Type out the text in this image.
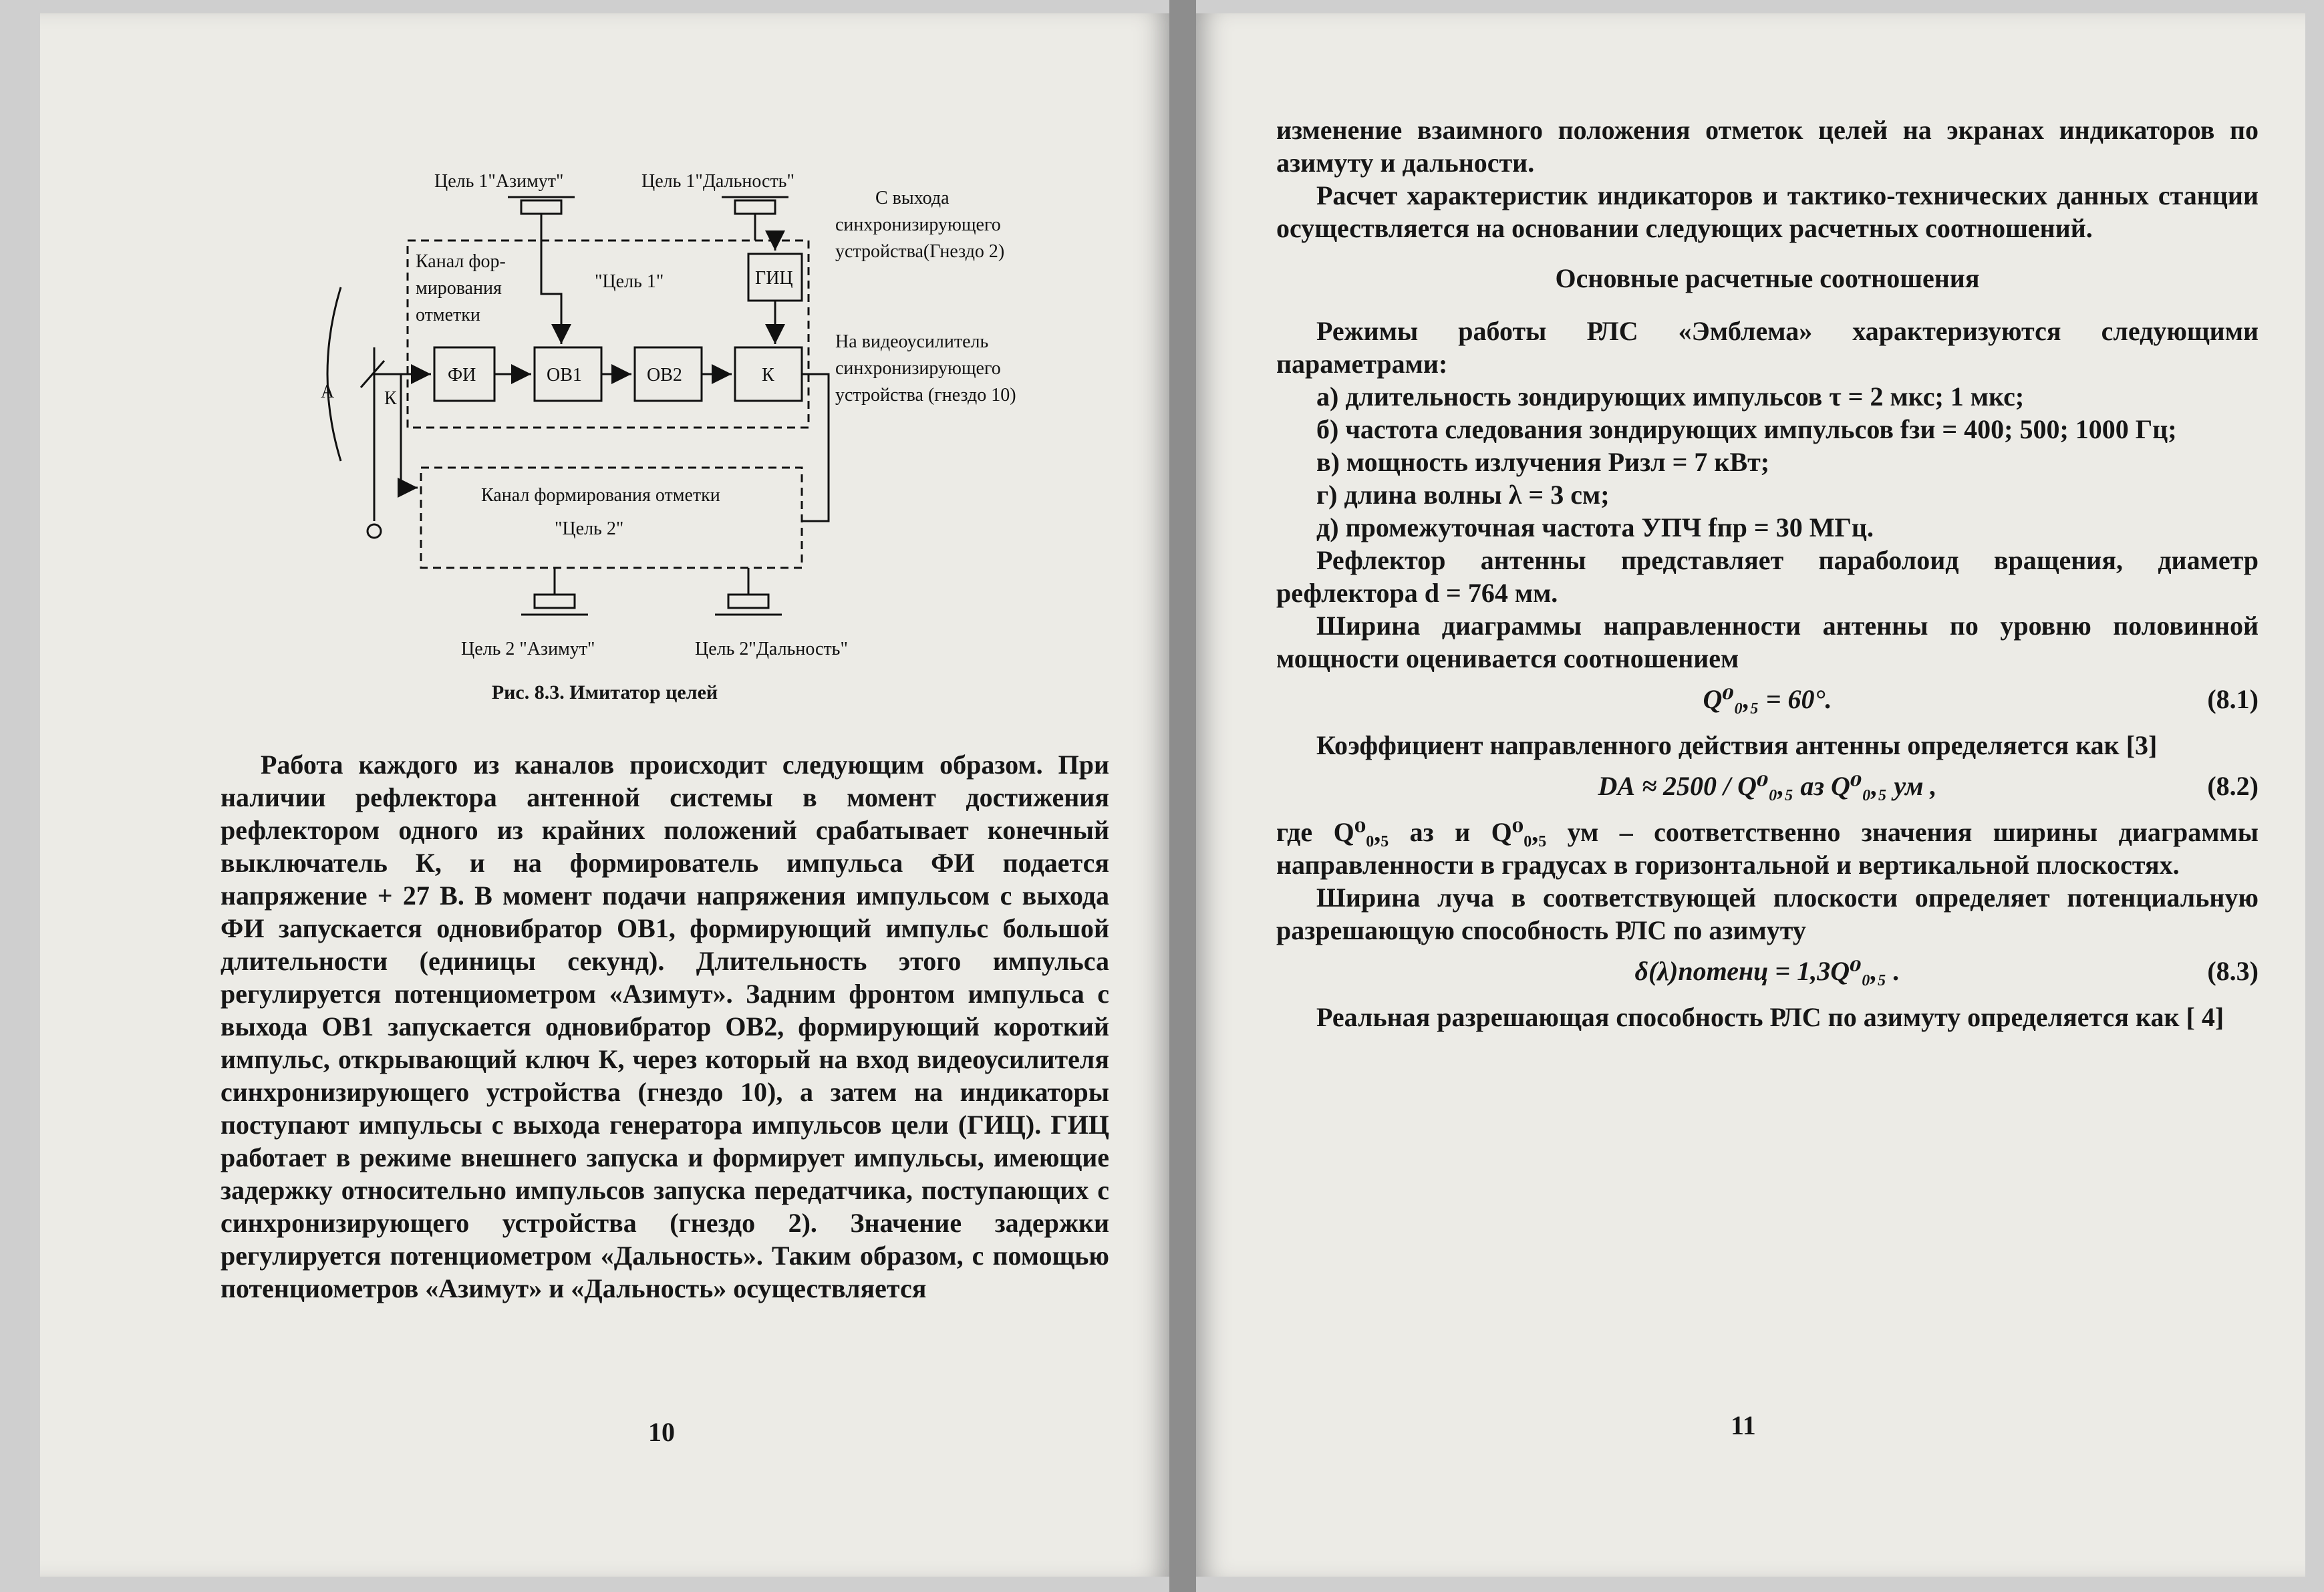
Цель 1"Азимут"	Цель 1"Дальность"
С выхода
синхронизирующего
устройства(Гнездо 2)
Канал фор-
мирования
отметки
"Цель 1"	ГИЦ
ФИ	ОВ1	ОВ2	К
На видеоусилитель
синхронизирующего
устройства (гнездо 10)
А	К
Канал формирования отметки
"Цель 2"
Цель 2 "Азимут"	Цель 2"Дальность"
Рис. 8.3. Имитатор целей

Работа каждого из каналов происходит следующим образом. При наличии рефлектора антенной системы в момент достижения рефлектором одного из крайних положений срабатывает конечный выключатель К, и на формирователь импульса ФИ подается напряжение + 27 В. В момент подачи напряжения импульсом с выхода ФИ запускается одновибратор ОВ1, формирующий импульс большой длительности (единицы секунд). Длительность этого импульса регулируется потенциометром «Азимут». Задним фронтом импульса с выхода ОВ1 запускается одновибратор ОВ2, формирующий короткий импульс, открывающий ключ К, через который на вход видеоусилителя синхронизирующего устройства (гнездо 10), а затем на индикаторы поступают импульсы с выхода генератора импульсов цели (ГИЦ). ГИЦ работает в режиме внешнего запуска и формирует импульсы, имеющие задержку относительно импульсов запуска передатчика, поступающих с синхронизирующего устройства (гнездо 2). Значение задержки регулируется потенциометром «Дальность». Таким образом, с помощью потенциометров «Азимут» и «Дальность» осуществляется

10

изменение взаимного положения отметок целей на экранах индикаторов по азимуту и дальности.

Расчет характеристик индикаторов и тактико-технических данных станции осуществляется на основании следующих расчетных соотношений.

Основные расчетные соотношения

Режимы работы РЛС «Эмблема» характеризуются следующими параметрами:

а) длительность зондирующих импульсов τ = 2 мкс; 1 мкс;

б) частота следования зондирующих импульсов fзи = 400; 500; 1000 Гц;

в) мощность излучения Pизл = 7 кВт;

г) длина волны λ = 3 см;

д) промежуточная частота УПЧ fпр = 30 МГц.

Рефлектор антенны представляет параболоид вращения, диаметр рефлектора d = 764 мм.

Ширина диаграммы направленности антенны по уровню половинной мощности оценивается соотношением

Q⁰₀,₅ = 60°.	(8.1)

Коэффициент направленного действия антенны определяется как [3]

DА ≈ 2500 / Q⁰₀,₅ аз Q⁰₀,₅ ум ,	(8.2)

где Q⁰₀,₅ аз и Q⁰₀,₅ ум – соответственно значения ширины диаграммы направленности в градусах в горизонтальной и вертикальной плоскостях.

Ширина луча в соответствующей плоскости определяет потенциальную разрешающую способность РЛС по азимуту

δ(λ)потенц = 1,3Q⁰₀,₅ .	(8.3)

Реальная разрешающая способность РЛС по азимуту определяется как [ 4]

11
